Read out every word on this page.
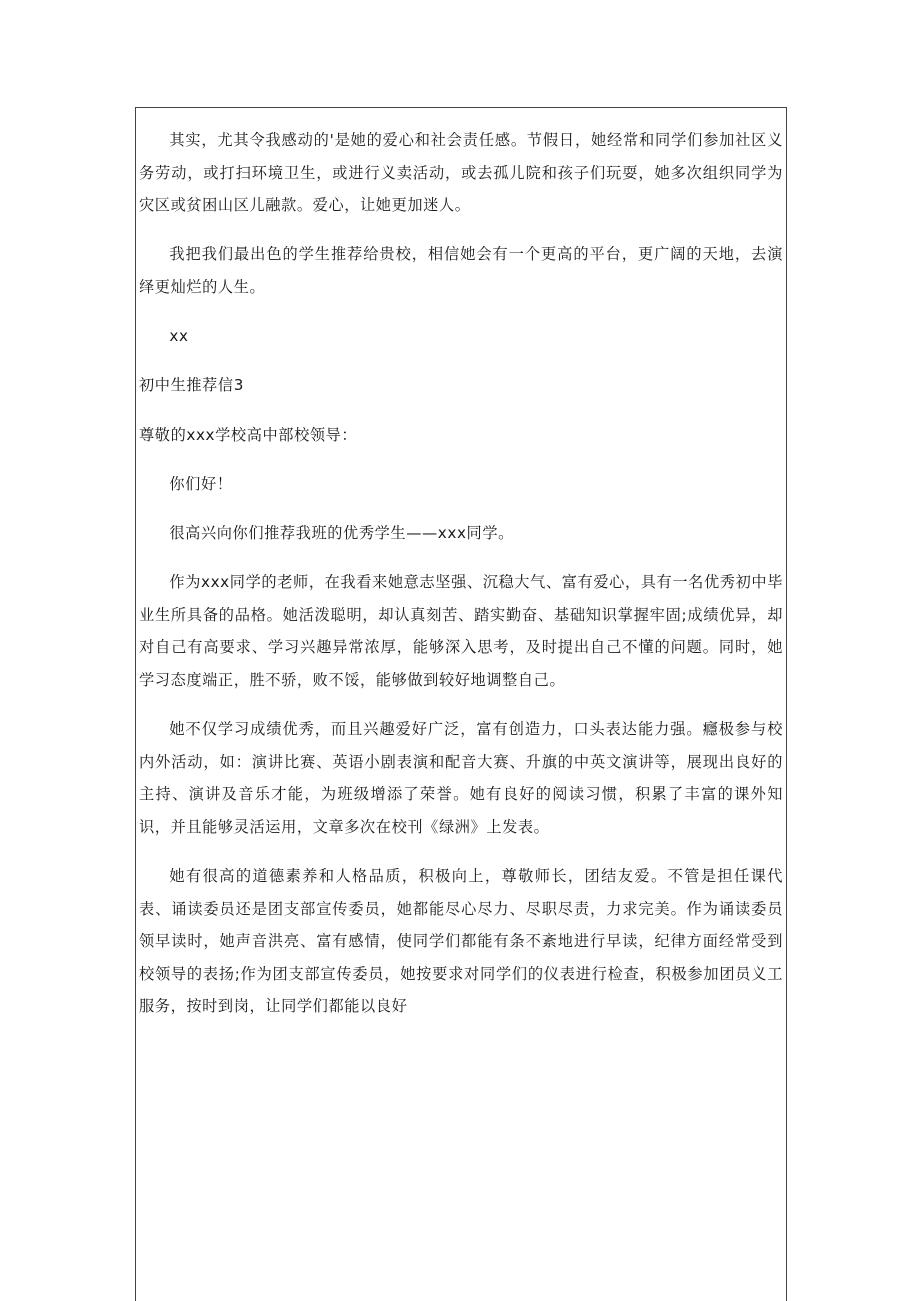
其实，尤其令我感动的'是她的爱心和社会责任感。节假日，她经常和同学们参加社区义务劳动，或打扫环境卫生，或进行义卖活动，或去孤儿院和孩子们玩耍，她多次组织同学为灾区或贫困山区儿融款。爱心，让她更加迷人。

我把我们最出色的学生推荐给贵校，相信她会有一个更高的平台，更广阔的天地，去演绎更灿烂的人生。

xx

初中生推荐信3

尊敬的xxx学校高中部校领导：

你们好！

很高兴向你们推荐我班的优秀学生——xxx同学。

作为xxx同学的老师，在我看来她意志坚强、沉稳大气、富有爱心，具有一名优秀初中毕业生所具备的品格。她活泼聪明，却认真刻苦、踏实勤奋、基础知识掌握牢固;成绩优异，却对自己有高要求、学习兴趣异常浓厚，能够深入思考，及时提出自己不懂的问题。同时，她学习态度端正，胜不骄，败不馁，能够做到较好地调整自己。

她不仅学习成绩优秀，而且兴趣爱好广泛，富有创造力，口头表达能力强。癮极参与校内外活动，如：演讲比赛、英语小剧表演和配音大赛、升旗的中英文演讲等，展现出良好的主持、演讲及音乐才能，为班级增添了荣誉。她有良好的阅读习惯，积累了丰富的课外知识，并且能够灵活运用，文章多次在校刊《绿洲》上发表。

她有很高的道德素养和人格品质，积极向上，尊敬师长，团结友爱。不管是担任课代表、诵读委员还是团支部宣传委员，她都能尽心尽力、尽职尽责，力求完美。作为诵读委员领早读时，她声音洪亮、富有感情，使同学们都能有条不紊地进行早读，纪律方面经常受到校领导的表扬;作为团支部宣传委员，她按要求对同学们的仪表进行检查，积极参加团员义工服务，按时到岗，让同学们都能以良好
